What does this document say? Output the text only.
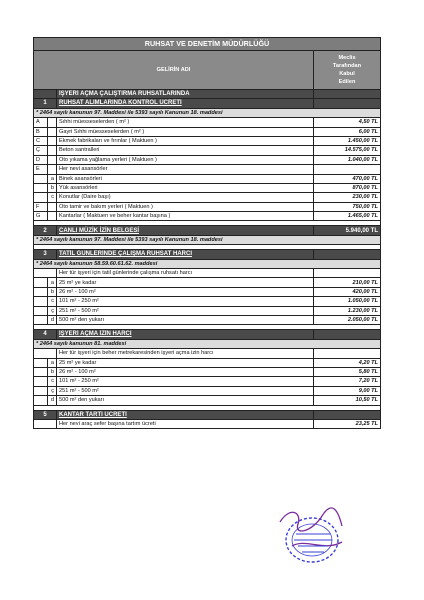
RUHSAT VE DENETİM MÜDÜRLÜĞÜ			
GELİRİN ADI			Meclis
Tarafından
Kabul
Edilen

		İŞYERİ AÇMA ÇALIŞTIRMA RUHSATLARINDA	
1		RUHSAT ALIMLARINDA KONTROL ÜCRETİ	
* 2464 sayılı kanunun 97. Maddesi ile 5393 sayılı Kanunun 18. maddesi			
A		Sıhhi müesseselerden ( m² )	4,50 TL
B		Gayri Sıhhi müesseselerden ( m² )	6,00 TL
C		Ekmek fabrikaları ve fırınlar ( Maktuen )	1.450,00 TL
Ç		Beton santralleri	14.575,00 TL
D		Oto yıkama yağlama yerleri ( Maktuen )	1.040,00 TL
E		Her nevi asansörler	
	a	Binek asansörleri	470,00 TL
	b	Yük asansörleri	870,00 TL
	c	Konutlar (Daire başı)	230,00 TL
F		Oto tamir ve bakım yerleri ( Maktuen )	750,00 TL
G		Kantarlar ( Maktuen ve beher kantar başına )	1.465,00 TL

2		CANLI MÜZİK İZİN BELGESİ	5.940,00 TL
* 2464 sayılı kanunun 97. Maddesi ile 5393 sayılı Kanunun 18. maddesi			

3		TATİL GÜNLERİNDE ÇALIŞMA RUHSAT HARCI	
* 2464 sayılı kanunun 58.59.60.61.62. maddesi			
		Her tür işyeri için tatil günlerinde çalışma ruhsatı harcı	
	a	25 m² ye kadar	210,00 TL
	b	26 m² - 100 m²	420,00 TL
	c	101 m² - 250 m²	1.050,00 TL
	ç	251 m² - 500 m²	1.230,00 TL
	d	500 m² den yukarı	2.050,00 TL

4		İŞYERİ AÇMA İZİN HARCI	
* 2464 sayılı kanunun 81. maddesi			
		Her tür işyeri için beher metrekaresinden işyeri açma izin harcı	
	a	25 m² ye kadar	4,20 TL
	b	26 m² - 100 m²	5,80 TL
	c	101 m² - 250 m²	7,20 TL
	ç	251 m² - 500 m²	9,00 TL
	d	500 m² den yukarı	10,50 TL

5		KANTAR TARTI ÜCRETİ	
		Her nevi araç sefer başına tartım ücreti	23,25 TL
